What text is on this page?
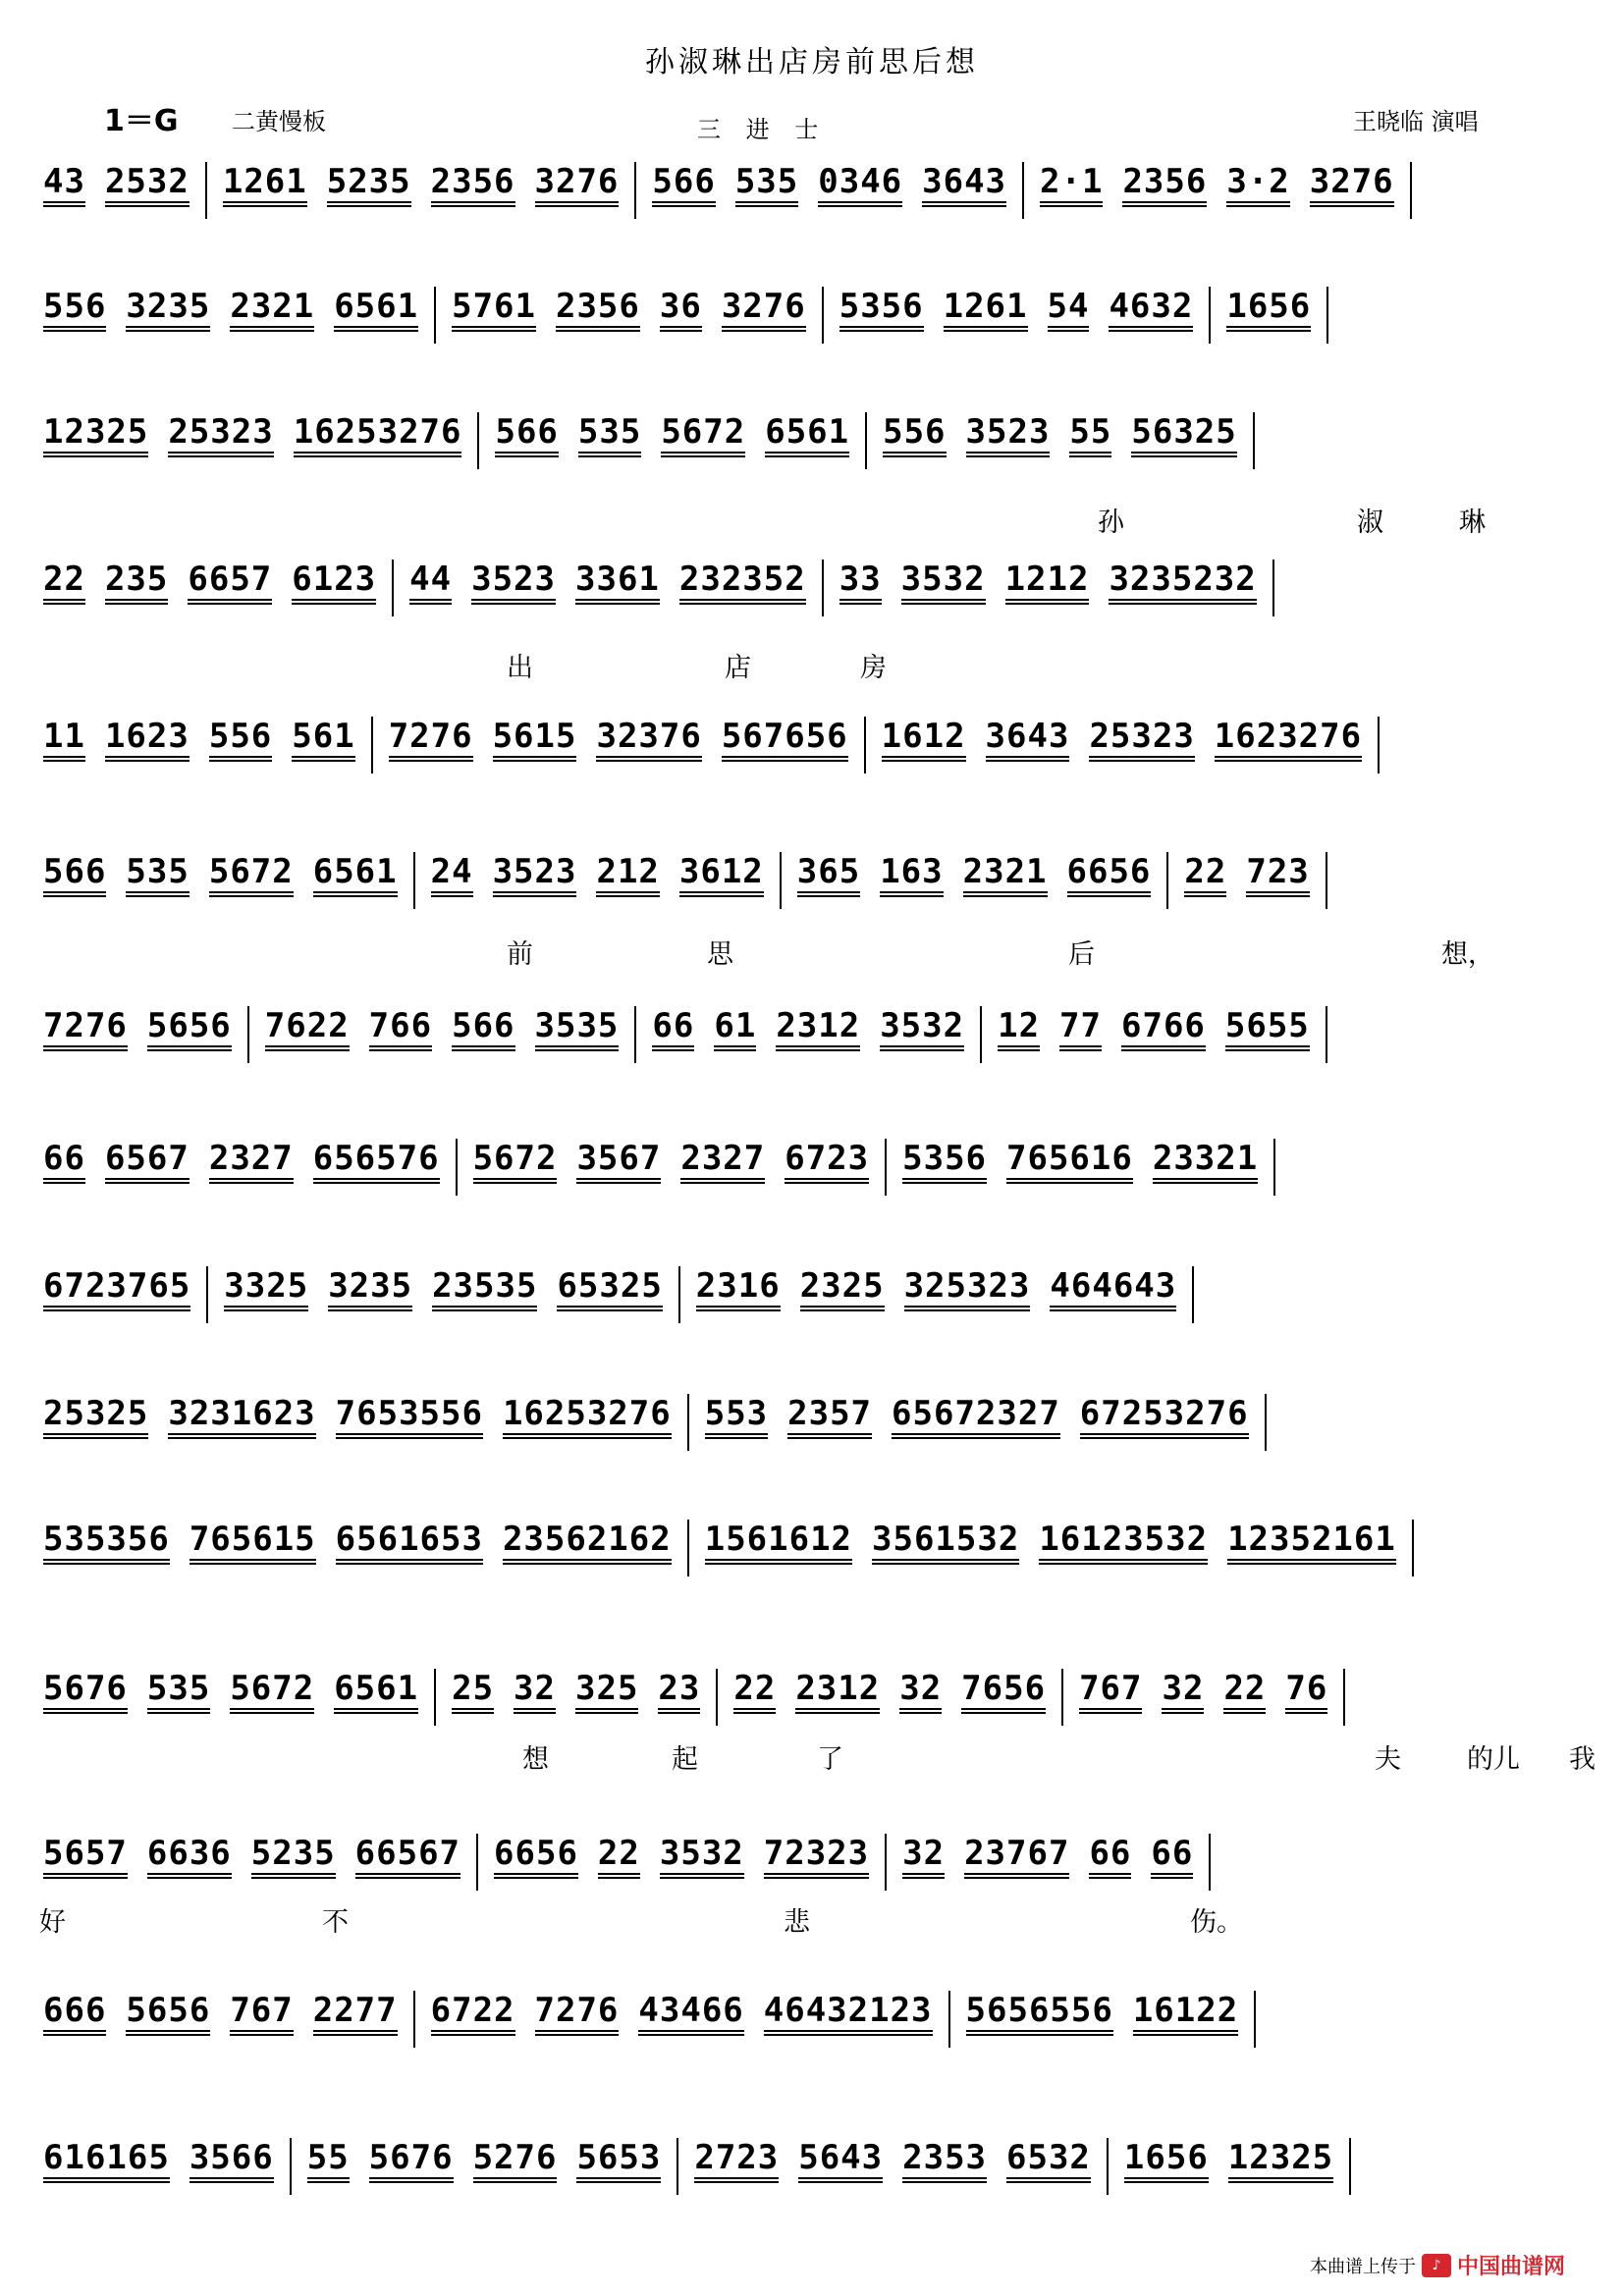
孙淑琳出店房前思后想
1＝G 二黄慢板	三 进 士	王晓临 演唱
43 2532 1261 5235 2356 3276 566 535 0346 3643 2·1 2356 3·2 3276
556 3235 2321 6561 5761 2356 36 3276 5356 1261 54 4632 1656
12325 25323 16253276 566 535 5672 6561 556 3523 55 56325
22 235 6657 6123 44 3523 3361 232352 33 3532 1212 3235232
11 1623 556 561 7276 5615 32376 567656 1612 3643 25323 1623276
566 535 5672 6561 24 3523 212 3612 365 163 2321 6656 22 723
7276 5656 7622 766 566 3535 66 61 2312 3532 12 77 6766 5655
66 6567 2327 656576 5672 3567 2327 6723 5356 765616 23321
6723765 3325 3235 23535 65325 2316 2325 325323 464643
25325 3231623 7653556 16253276 553 2357 65672327 67253276
535356 765615 6561653 23562162 1561612 3561532 16123532 12352161
5676 535 5672 6561 25 32 325 23 22 2312 32 7656 767 32 22 76
5657 6636 5235 66567 6656 22 3532 72323 32 23767 66 66
666 5656 767 2277 6722 7276 43466 46432123 5656556 16122
616165 3566 55 5676 5276 5653 2723 5643 2353 6532 1656 12325
孙	淑	琳
出	店	房
前	思	后	想，
想	起	了	夫 的儿 我
好	不	悲	伤。
本曲谱上传于	♪ 中国曲谱网
